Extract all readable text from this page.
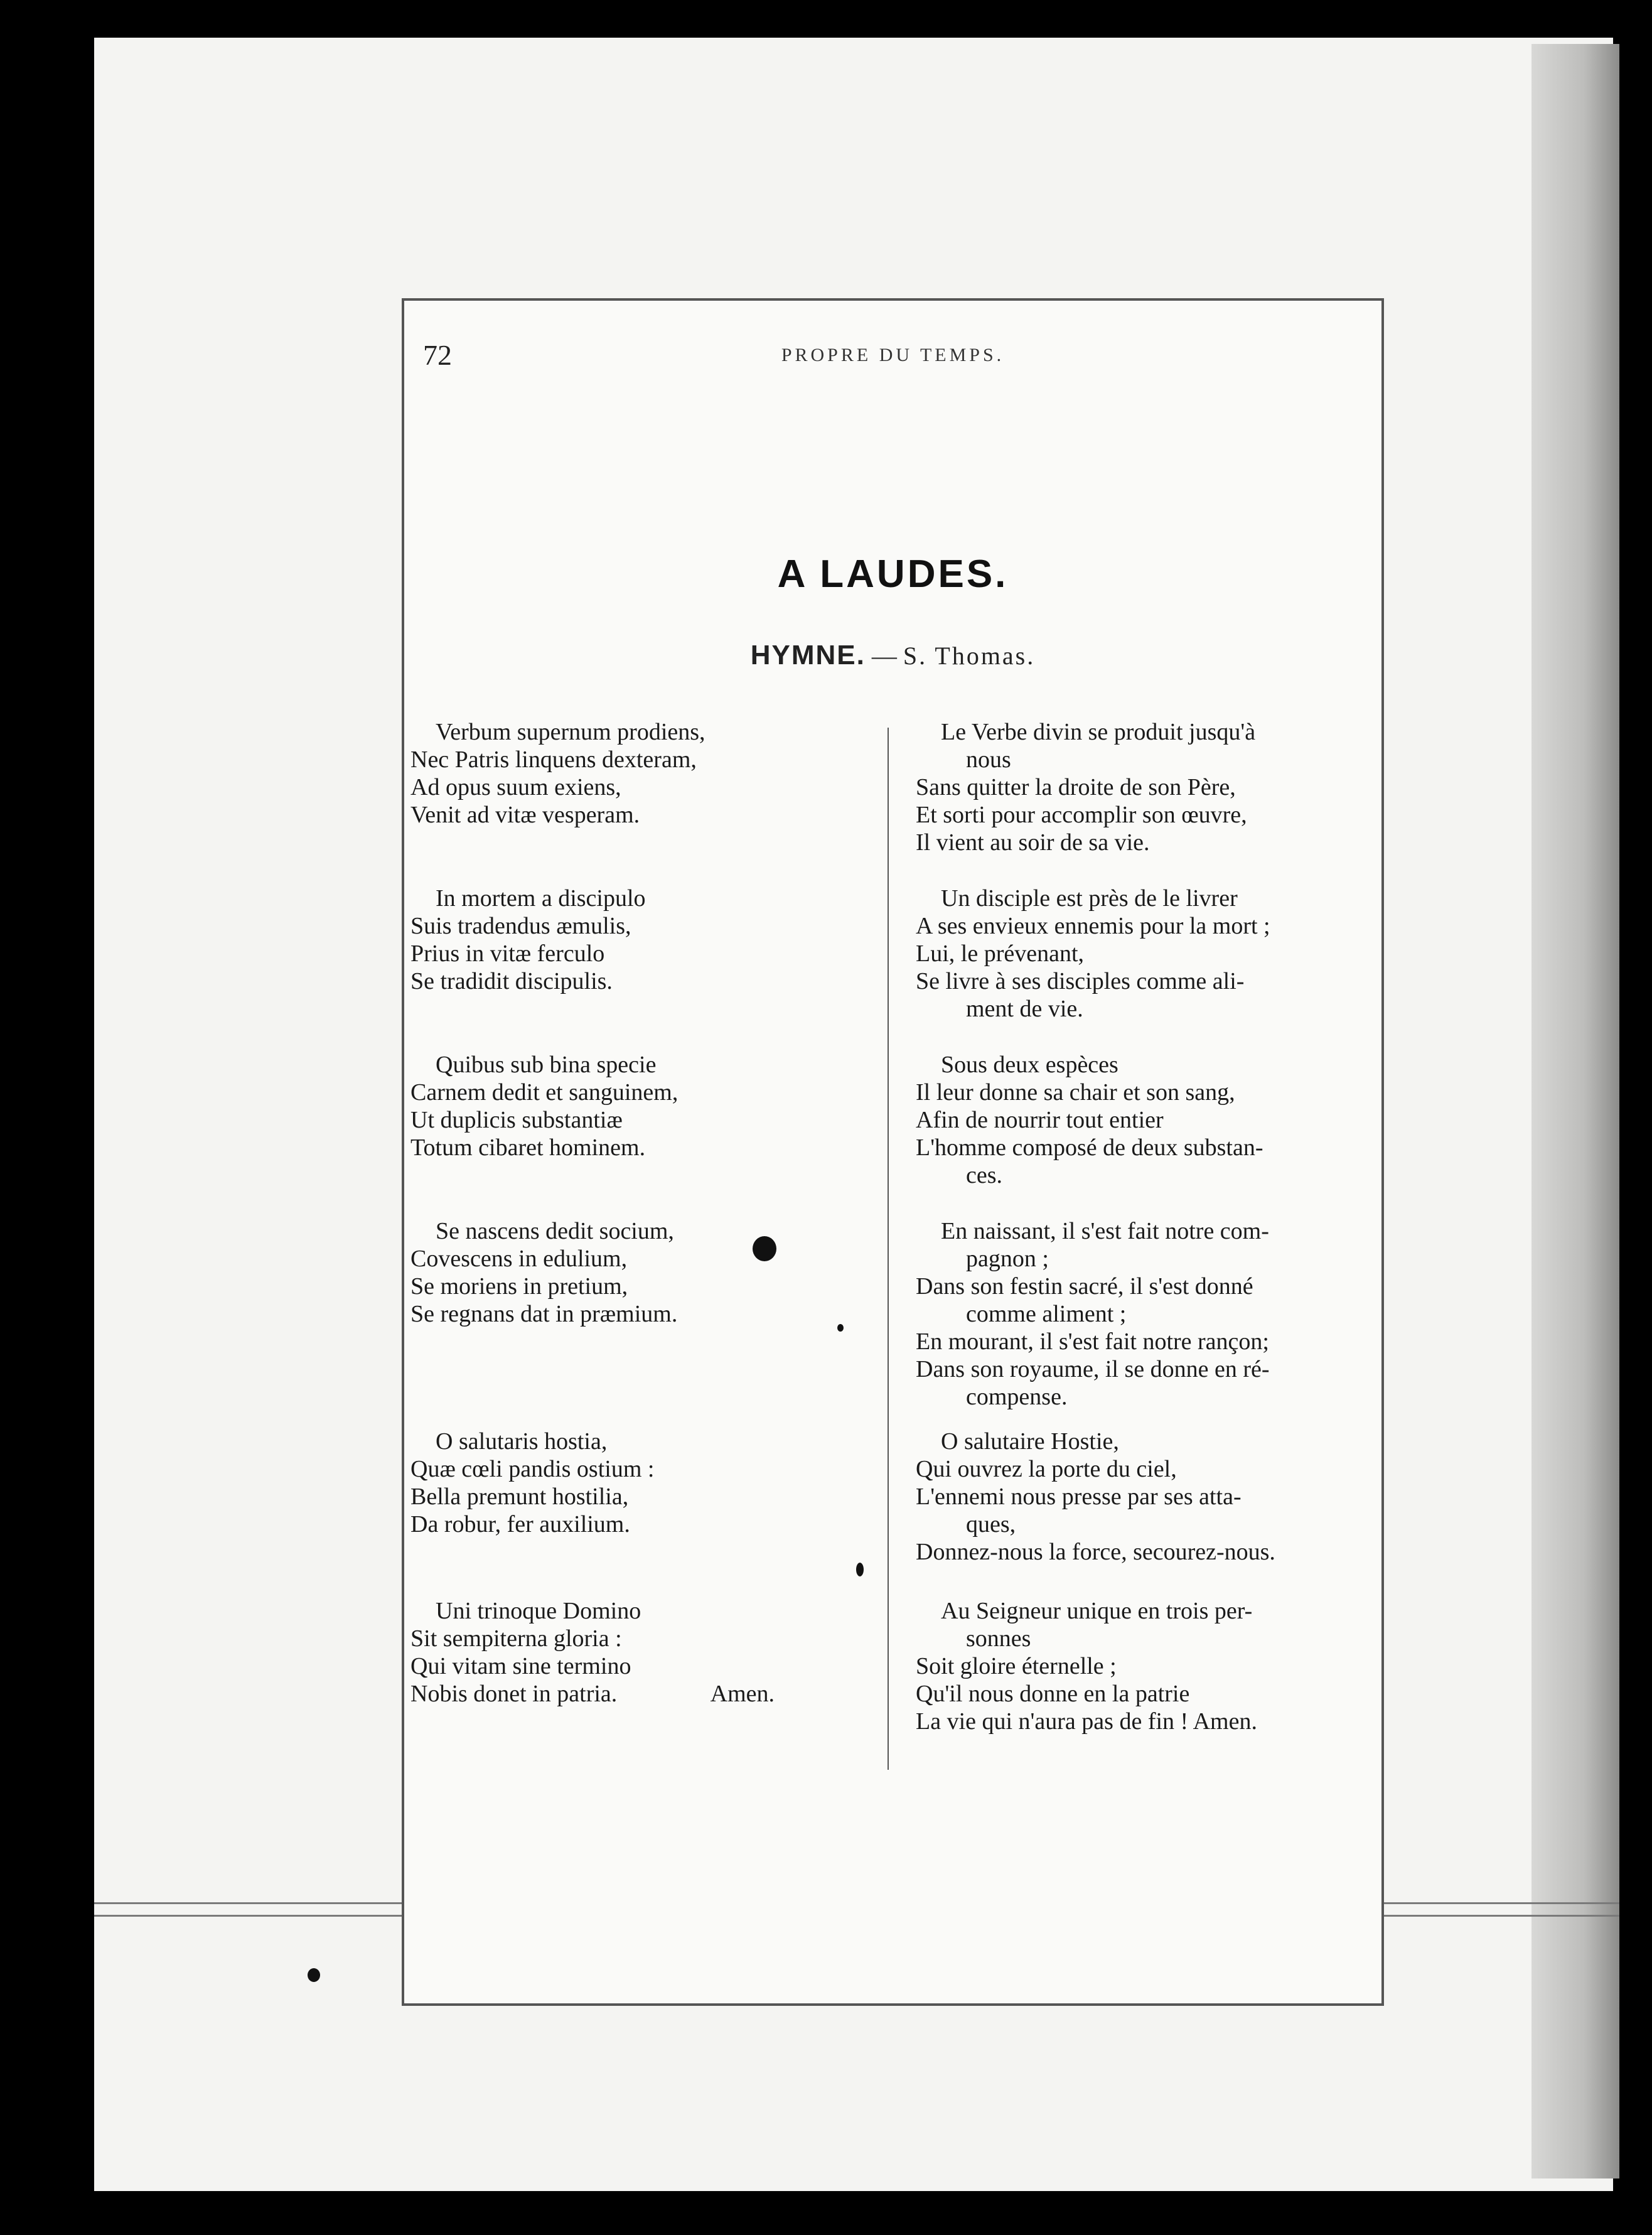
72	PROPRE DU TEMPS.
A LAUDES.
HYMNE. — S. Thomas.
Verbum supernum prodiens,
Nec Patris linquens dexteram,
Ad opus suum exiens,
Venit ad vitæ vesperam.
In mortem a discipulo
Suis tradendus æmulis,
Prius in vitæ ferculo
Se tradidit discipulis.
Quibus sub bina specie
Carnem dedit et sanguinem,
Ut duplicis substantiæ
Totum cibaret hominem.
Se nascens dedit socium,
Covescens in edulium,
Se moriens in pretium,
Se regnans dat in præmium.
O salutaris hostia,
Quæ cœli pandis ostium :
Bella premunt hostilia,
Da robur, fer auxilium.
Uni trinoque Domino
Sit sempiterna gloria :
Qui vitam sine termino
Nobis donet in patria.	Amen.
Le Verbe divin se produit jusqu'à
nous
Sans quitter la droite de son Père,
Et sorti pour accomplir son œuvre,
Il vient au soir de sa vie.
Un disciple est près de le livrer
A ses envieux ennemis pour la mort ;
Lui, le prévenant,
Se livre à ses disciples comme ali-
ment de vie.
Sous deux espèces
Il leur donne sa chair et son sang,
Afin de nourrir tout entier
L'homme composé de deux substan-
ces.
En naissant, il s'est fait notre com-
pagnon ;
Dans son festin sacré, il s'est donné
comme aliment ;
En mourant, il s'est fait notre rançon;
Dans son royaume, il se donne en ré-
compense.
O salutaire Hostie,
Qui ouvrez la porte du ciel,
L'ennemi nous presse par ses atta-
ques,
Donnez-nous la force, secourez-nous.
Au Seigneur unique en trois per-
sonnes
Soit gloire éternelle ;
Qu'il nous donne en la patrie
La vie qui n'aura pas de fin ! Amen.
